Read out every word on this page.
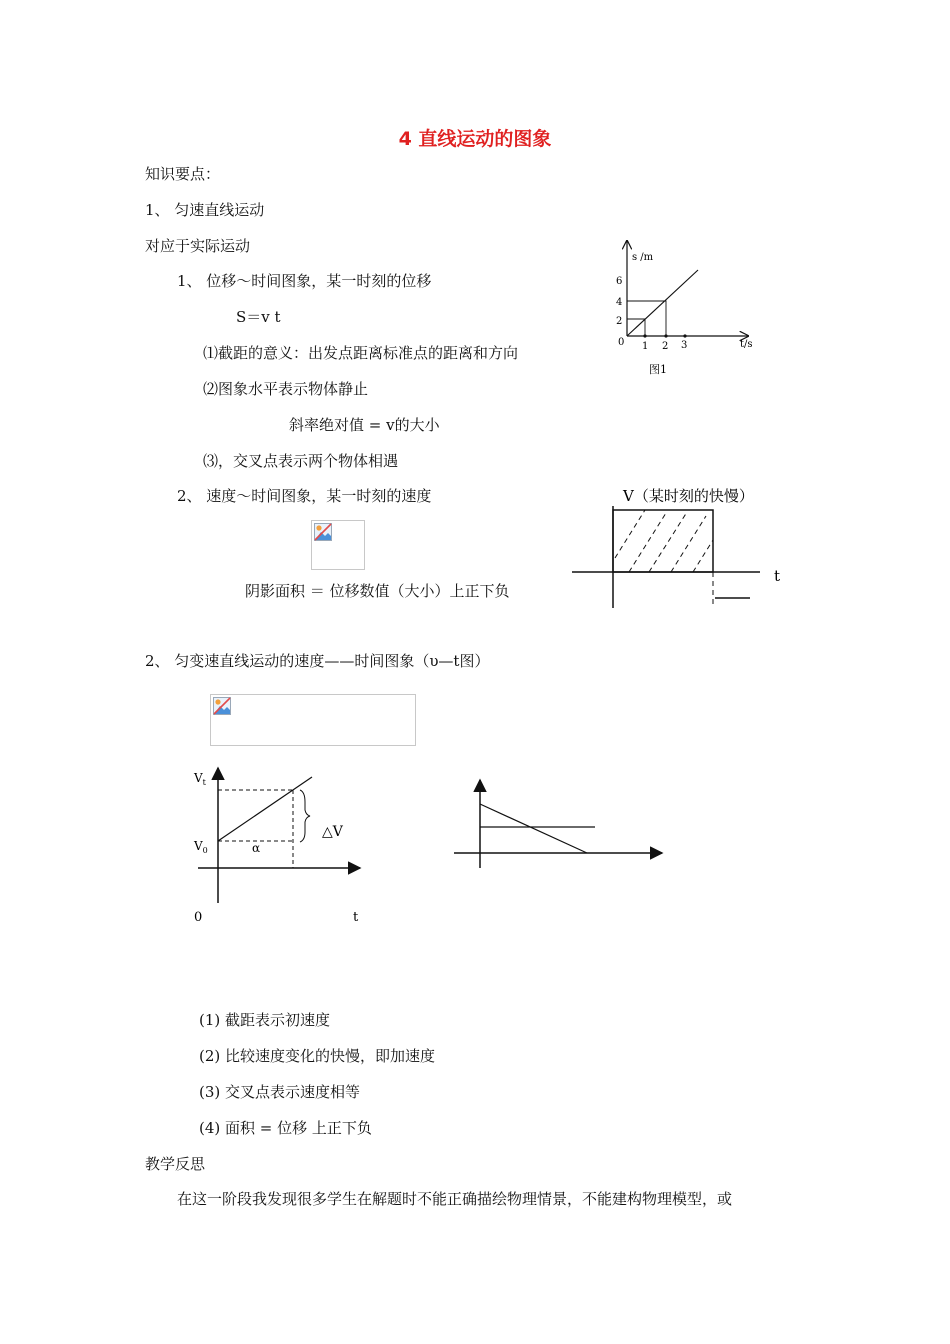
4 直线运动的图象

知识要点：

1、 匀速直线运动

对应于实际运动

1、 位移～时间图象，某一时刻的位移

S＝v t

⑴截距的意义：出发点距离标准点的距离和方向

⑵图象水平表示物体静止

斜率绝对值 = v的大小

⑶，交叉点表示两个物体相遇

2、 速度～时间图象，某一时刻的速度

阴影面积 ＝ 位移数值（大小）上正下负

s /m
t/s
6
4
2
0 1 2 3
图1
V（某时刻的快慢）
t

2、 匀变速直线运动的速度——时间图象（υ—t图）

△V
$V_t$
$V_0$	α
0	t

(1) 截距表示初速度

(2) 比较速度变化的快慢，即加速度

(3) 交叉点表示速度相等

(4) 面积 = 位移 上正下负

教学反思

在这一阶段我发现很多学生在解题时不能正确描绘物理情景，不能建构物理模型，或
